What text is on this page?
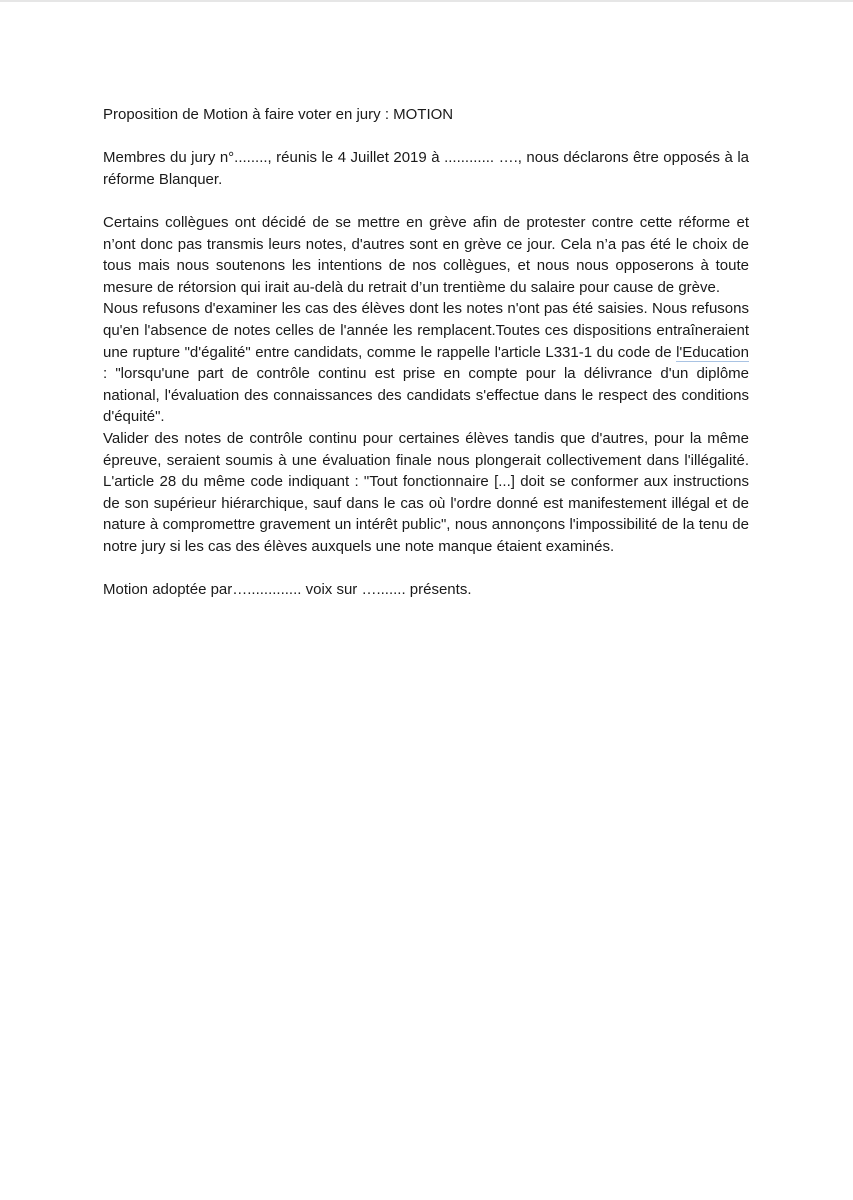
Proposition de Motion à faire voter en jury : MOTION

Membres du jury n°........, réunis le 4 Juillet 2019 à ............ …., nous déclarons être opposés à la réforme Blanquer.

Certains collègues ont décidé de se mettre en grève afin de protester contre cette réforme et n’ont donc pas transmis leurs notes, d'autres sont en grève ce jour. Cela n’a pas été le choix de tous mais nous soutenons les intentions de nos collègues, et nous nous opposerons à toute mesure de rétorsion qui irait au-delà du retrait d’un trentième du salaire pour cause de grève.

Nous refusons d'examiner les cas des élèves dont les notes n'ont pas été saisies. Nous refusons qu'en l'absence de notes celles de l'année les remplacent.Toutes ces dispositions entraîneraient une rupture "d'égalité" entre candidats, comme le rappelle l'article L331-1 du code de l'Education : "lorsqu'une part de contrôle continu est prise en compte pour la délivrance d'un diplôme national, l'évaluation des connaissances des candidats s'effectue dans le respect des conditions d'équité".

Valider des notes de contrôle continu pour certaines élèves tandis que d'autres, pour la même épreuve, seraient soumis à une évaluation finale nous plongerait collectivement dans l'illégalité. L'article 28 du même code indiquant : "Tout fonctionnaire [...] doit se conformer aux instructions de son supérieur hiérarchique, sauf dans le cas où l'ordre donné est manifestement illégal et de nature à compromettre gravement un intérêt public", nous annonçons l'impossibilité de la tenu de notre jury si les cas des élèves auxquels une note manque étaient examinés.

Motion adoptée par…............. voix sur …....... présents.
